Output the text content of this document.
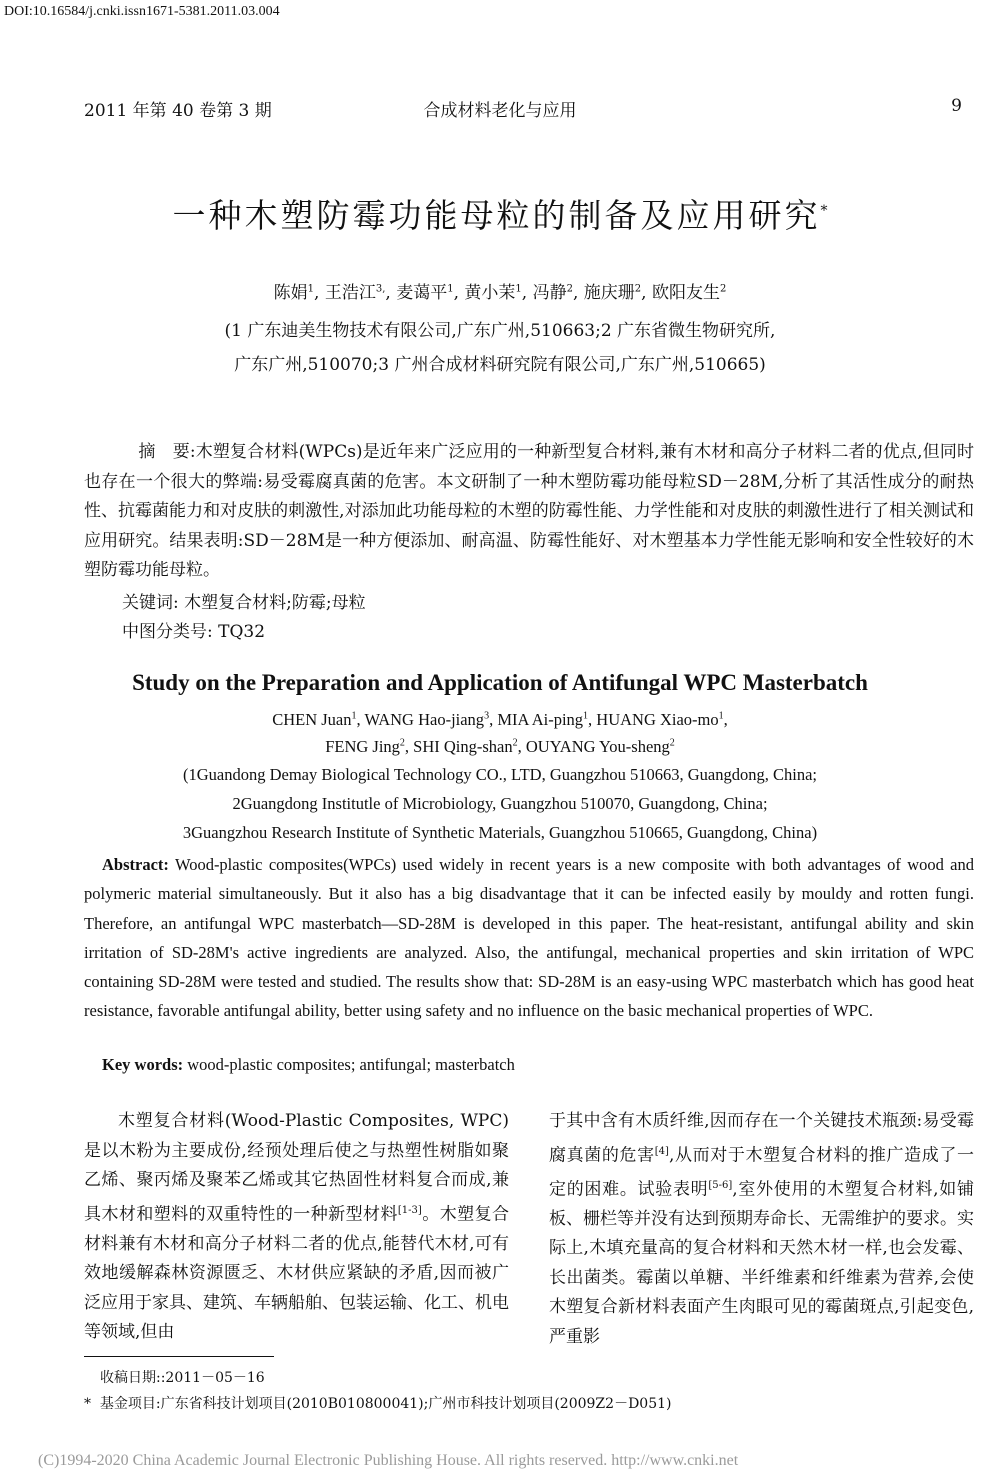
DOI:10.16584/j.cnki.issn1671-5381.2011.03.004
2011 年第 40 卷第 3 期	合成材料老化与应用	9
一种木塑防霉功能母粒的制备及应用研究*
陈娟$^1$, 王浩江$^{3,}$, 麦蔼平$^1$, 黄小茉$^1$, 冯静$^2$, 施庆珊$^2$, 欧阳友生$^2$
(1 广东迪美生物技术有限公司,广东广州,510663;2 广东省微生物研究所,
广东广州,510070;3 广州合成材料研究院有限公司,广东广州,510665)

摘　要:木塑复合材料(WPCs)是近年来广泛应用的一种新型复合材料,兼有木材和高分子材料二者的优点,但同时也存在一个很大的弊端:易受霉腐真菌的危害。本文研制了一种木塑防霉功能母粒SD－28M,分析了其活性成分的耐热性、抗霉菌能力和对皮肤的刺激性,对添加此功能母粒的木塑的防霉性能、力学性能和对皮肤的刺激性进行了相关测试和应用研究。结果表明:SD－28M是一种方便添加、耐高温、防霉性能好、对木塑基本力学性能无影响和安全性较好的木塑防霉功能母粒。

关键词: 木塑复合材料;防霉;母粒
中图分类号: TQ32
Study on the Preparation and Application of Antifungal WPC Masterbatch
CHEN Juan$^1$, WANG Hao-jiang$^3$, MIA Ai-ping$^1$, HUANG Xiao-$mo^1$,
FENG Jing$^2$, SHI Qing-shan$^2$, OUYANG You-sheng$^2$
(1Guandong Demay Biological Technology CO., LTD, Guangzhou 510663, Guangdong, China;
2Guangdong Institutle of Microbiology, Guangzhou 510070, Guangdong, China;
3Guangzhou Research Institute of Synthetic Materials, Guangzhou 510665, Guangdong, China)

Abstract: Wood-plastic composites(WPCs) used widely in recent years is a new composite with both advantages of wood and polymeric material simultaneously. But it also has a big disadvantage that it can be infected easily by mouldy and rotten fungi. Therefore, an antifungal WPC masterbatch—SD-28M is developed in this paper. The heat-resistant, antifungal ability and skin irritation of SD-28M's active ingredients are analyzed. Also, the antifungal, mechanical properties and skin irritation of WPC containing SD-28M were tested and studied. The results show that: SD-28M is an easy-using WPC masterbatch which has good heat resistance, favorable antifungal ability, better using safety and no influence on the basic mechanical properties of WPC.

Key words: wood-plastic composites; antifungal; masterbatch

木塑复合材料(Wood-Plastic Composites, WPC)是以木粉为主要成份,经预处理后使之与热塑性树脂如聚乙烯、聚丙烯及聚苯乙烯或其它热固性材料复合而成,兼具木材和塑料的双重特性的一种新型材料[1-3]。木塑复合材料兼有木材和高分子材料二者的优点,能替代木材,可有效地缓解森林资源匮乏、木材供应紧缺的矛盾,因而被广泛应用于家具、建筑、车辆船舶、包装运输、化工、机电等领域,但由

于其中含有木质纤维,因而存在一个关键技术瓶颈:易受霉腐真菌的危害[4],从而对于木塑复合材料的推广造成了一定的困难。试验表明[5-6],室外使用的木塑复合材料,如铺板、栅栏等并没有达到预期寿命长、无需维护的要求。实际上,木填充量高的复合材料和天然木材一样,也会发霉、长出菌类。霉菌以单糖、半纤维素和纤维素为营养,会使木塑复合新材料表面产生肉眼可见的霉菌斑点,引起变色,严重影

收稿日期::2011－05－16
* 基金项目:广东省科技计划项目(2010B010800041);广州市科技计划项目(2009Z2－D051)
(C)1994-2020 China Academic Journal Electronic Publishing House. All rights reserved. http://www.cnki.net
